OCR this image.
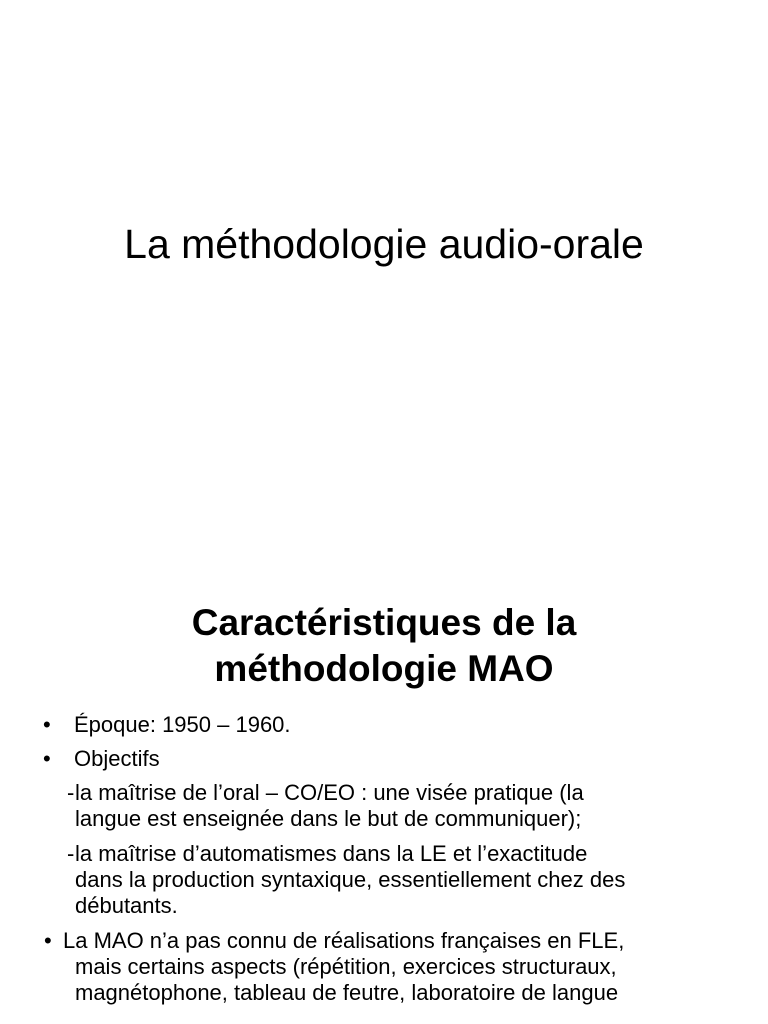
La méthodologie audio-orale
Caractéristiques de la
méthodologie MAO
• Époque: 1950 – 1960.
• Objectifs
- la maîtrise de l’oral – CO/EO : une visée pratique (la
langue est enseignée dans le but de communiquer);
- la maîtrise d’automatismes dans la LE et l’exactitude
dans la production syntaxique, essentiellement chez des
débutants.
• La MAO n’a pas connu de réalisations françaises en FLE,
mais certains aspects (répétition, exercices structuraux,
magnétophone, tableau de feutre, laboratoire de langue
